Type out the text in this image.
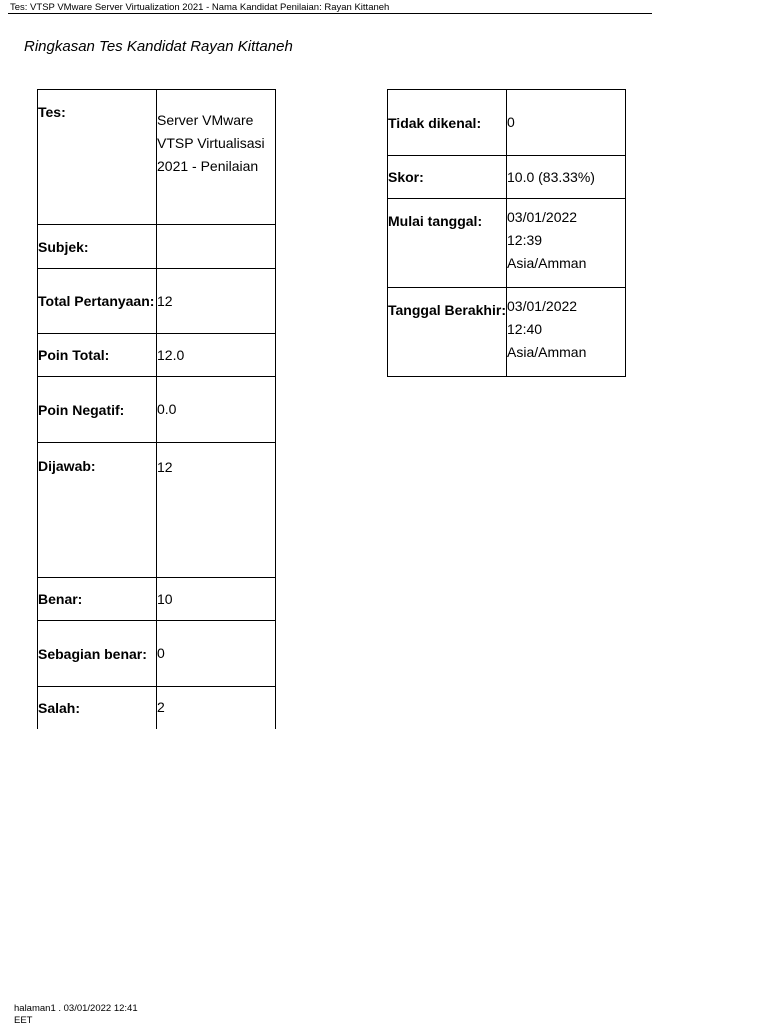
Tes: VTSP VMware Server Virtualization 2021 - Nama Kandidat Penilaian: Rayan Kittaneh
Ringkasan Tes Kandidat Rayan Kittaneh
Tes:	Server VMware VTSP Virtualisasi 2021 - Penilaian
Subjek:	
Total Pertanyaan:	12
Poin Total:	12.0
Poin Negatif:	0.0
Dijawab:	12
Benar:	10
Sebagian benar:	0
Salah:	2
Tidak dikenal:	0
Skor:	10.0 (83.33%)
Mulai tanggal:	03/01/2022 12:39 Asia/Amman
Tanggal Berakhir:	03/01/2022 12:40 Asia/Amman
halaman1 . 03/01/2022 12:41 EET
